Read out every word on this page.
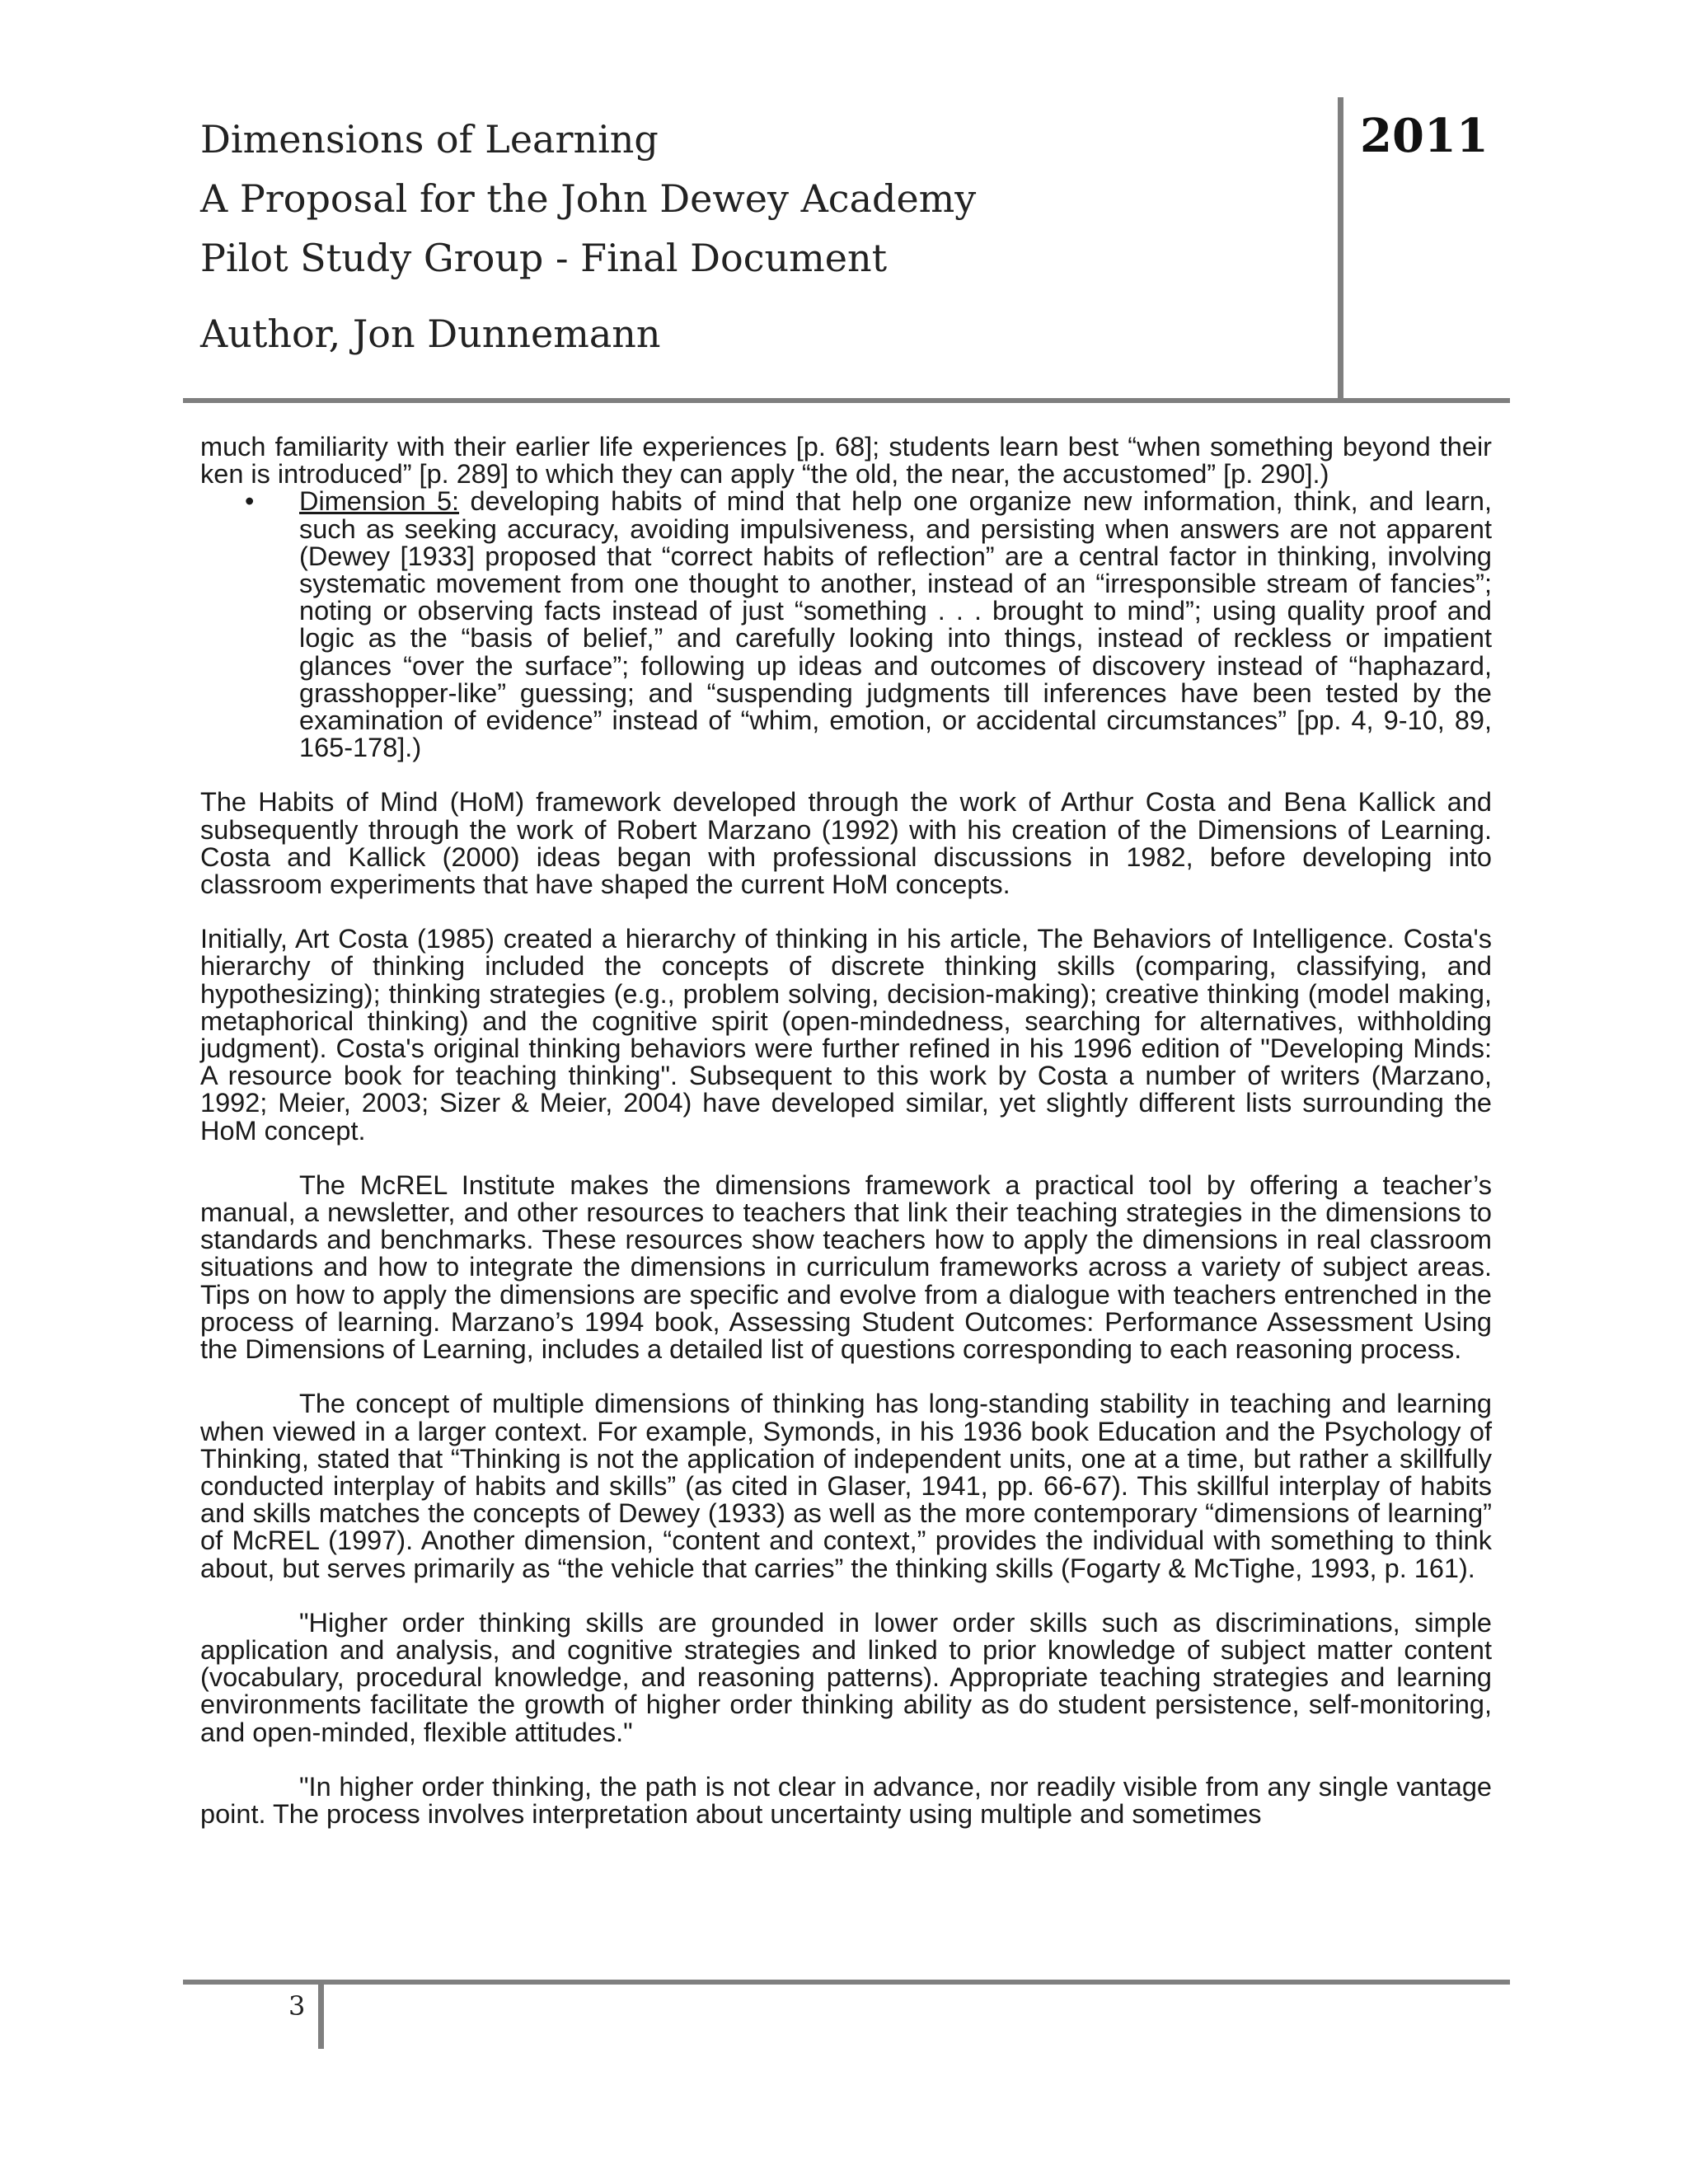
Dimensions of Learning
A Proposal for the John Dewey Academy
Pilot Study Group - Final Document
Author, Jon Dunnemann
2011

much familiarity with their earlier life experiences [p. 68]; students learn best “when something beyond their ken is introduced” [p. 289] to which they can apply “the old, the near, the accustomed” [p. 290].)

• Dimension 5: developing habits of mind that help one organize new information, think, and learn, such as seeking accuracy, avoiding impulsiveness, and persisting when answers are not apparent (Dewey [1933] proposed that “correct habits of reflection” are a central factor in thinking, involving systematic movement from one thought to another, instead of an “irresponsible stream of fancies”; noting or observing facts instead of just “something . . . brought to mind”; using quality proof and logic as the “basis of belief,” and carefully looking into things, instead of reckless or impatient glances “over the surface”; following up ideas and outcomes of discovery instead of “haphazard, grasshopper-like” guessing; and “suspending judgments till inferences have been tested by the examination of evidence” instead of “whim, emotion, or accidental circumstances” [pp. 4, 9-10, 89, 165-178].)

The Habits of Mind (HoM) framework developed through the work of Arthur Costa and Bena Kallick and subsequently through the work of Robert Marzano (1992) with his creation of the Dimensions of Learning. Costa and Kallick (2000) ideas began with professional discussions in 1982, before developing into classroom experiments that have shaped the current HoM concepts.

Initially, Art Costa (1985) created a hierarchy of thinking in his article, The Behaviors of Intelligence. Costa's hierarchy of thinking included the concepts of discrete thinking skills (comparing, classifying, and hypothesizing); thinking strategies (e.g., problem solving, decision-making); creative thinking (model making, metaphorical thinking) and the cognitive spirit (open-mindedness, searching for alternatives, withholding judgment). Costa's original thinking behaviors were further refined in his 1996 edition of "Developing Minds: A resource book for teaching thinking". Subsequent to this work by Costa a number of writers (Marzano, 1992; Meier, 2003; Sizer & Meier, 2004) have developed similar, yet slightly different lists surrounding the HoM concept.

The McREL Institute makes the dimensions framework a practical tool by offering a teacher’s manual, a newsletter, and other resources to teachers that link their teaching strategies in the dimensions to standards and benchmarks. These resources show teachers how to apply the dimensions in real classroom situations and how to integrate the dimensions in curriculum frameworks across a variety of subject areas. Tips on how to apply the dimensions are specific and evolve from a dialogue with teachers entrenched in the process of learning. Marzano’s 1994 book, Assessing Student Outcomes: Performance Assessment Using the Dimensions of Learning, includes a detailed list of questions corresponding to each reasoning process.

The concept of multiple dimensions of thinking has long-standing stability in teaching and learning when viewed in a larger context. For example, Symonds, in his 1936 book Education and the Psychology of Thinking, stated that “Thinking is not the application of independent units, one at a time, but rather a skillfully conducted interplay of habits and skills” (as cited in Glaser, 1941, pp. 66-67). This skillful interplay of habits and skills matches the concepts of Dewey (1933) as well as the more contemporary “dimensions of learning” of McREL (1997). Another dimension, “content and context,” provides the individual with something to think about, but serves primarily as “the vehicle that carries” the thinking skills (Fogarty & McTighe, 1993, p. 161).

"Higher order thinking skills are grounded in lower order skills such as discriminations, simple application and analysis, and cognitive strategies and linked to prior knowledge of subject matter content (vocabulary, procedural knowledge, and reasoning patterns). Appropriate teaching strategies and learning environments facilitate the growth of higher order thinking ability as do student persistence, self-monitoring, and open-minded, flexible attitudes."

"In higher order thinking, the path is not clear in advance, nor readily visible from any single vantage point. The process involves interpretation about uncertainty using multiple and sometimes

3
